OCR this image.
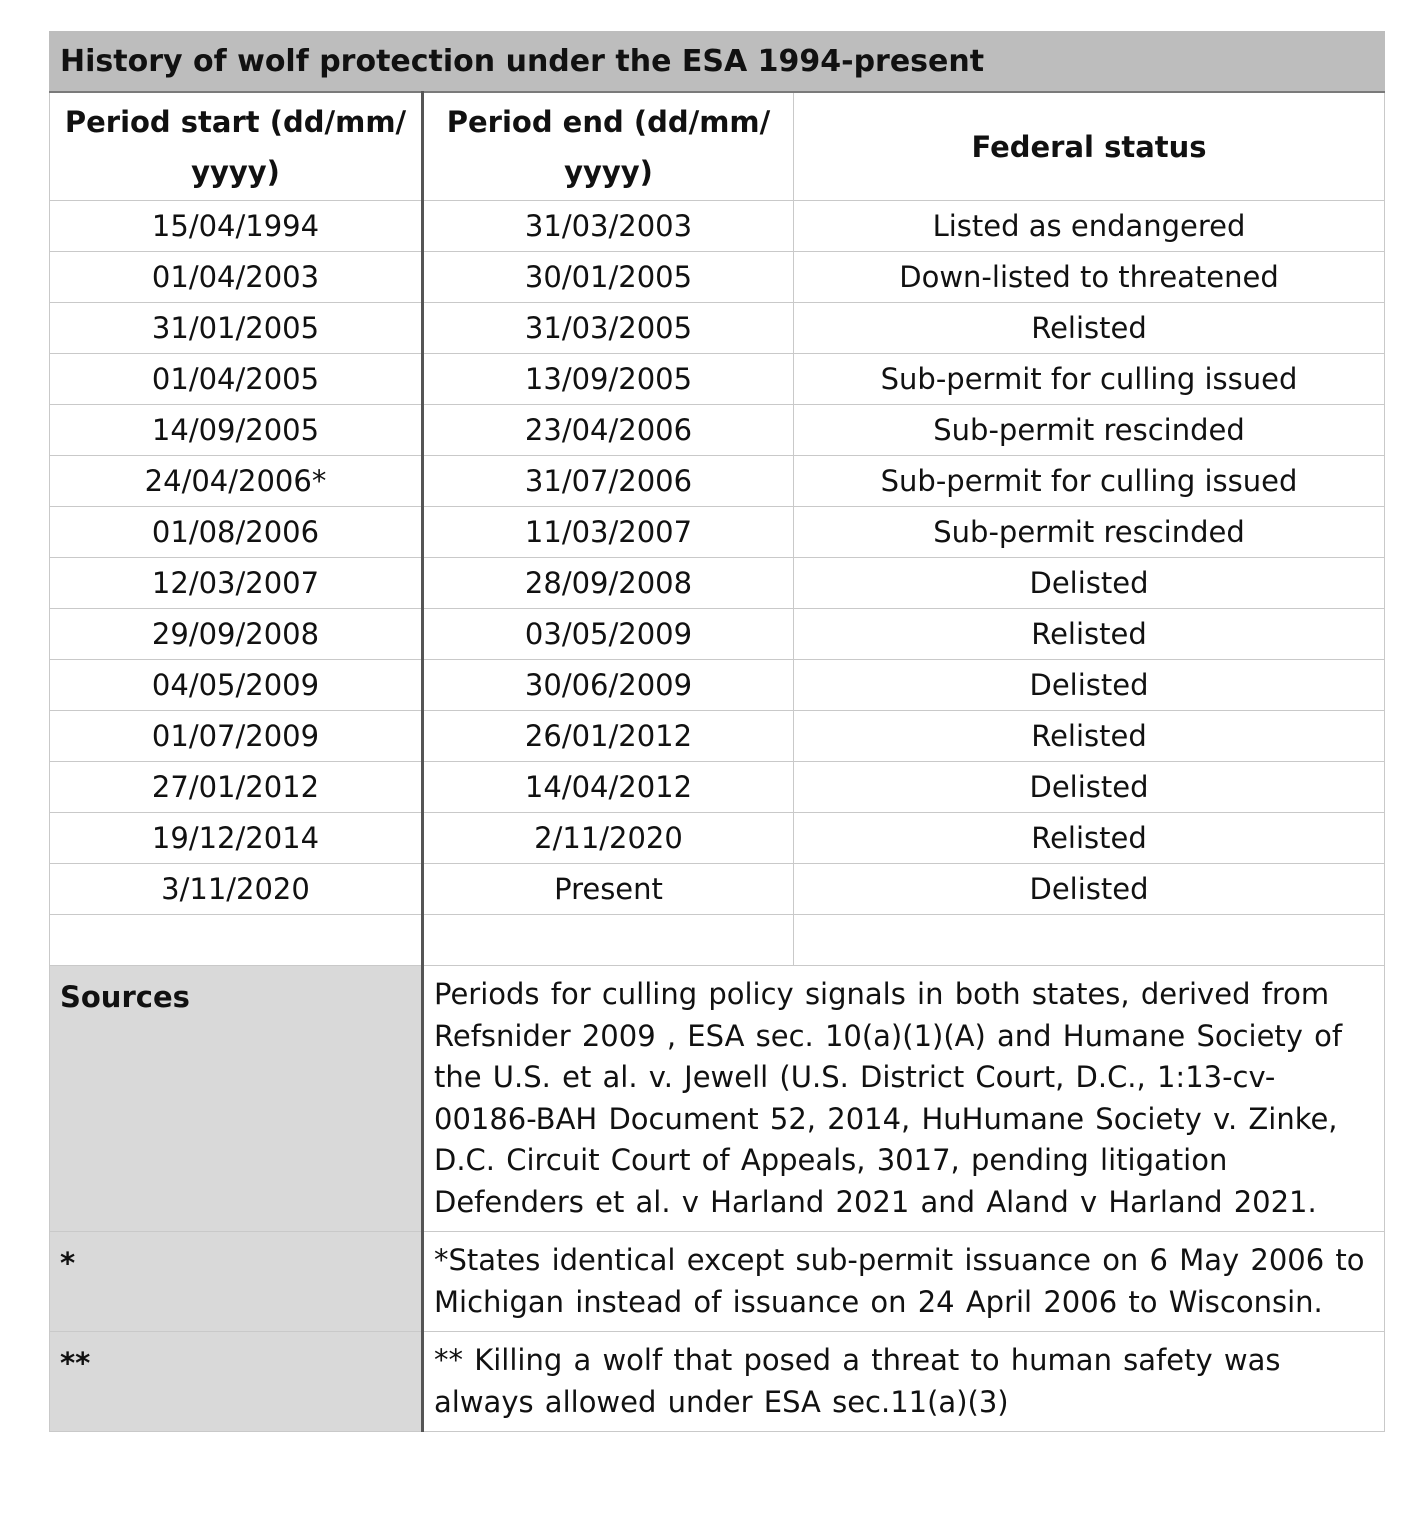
History of wolf protection under the ESA 1994-present		
Period start (dd/mm/ yyyy)	Period end (dd/mm/ yyyy)	Federal status
15/04/1994	31/03/2003	Listed as endangered
01/04/2003	30/01/2005	Down-listed to threatened
31/01/2005	31/03/2005	Relisted
01/04/2005	13/09/2005	Sub-permit for culling issued
14/09/2005	23/04/2006	Sub-permit rescinded
24/04/2006*	31/07/2006	Sub-permit for culling issued
01/08/2006	11/03/2007	Sub-permit rescinded
12/03/2007	28/09/2008	Delisted
29/09/2008	03/05/2009	Relisted
04/05/2009	30/06/2009	Delisted
01/07/2009	26/01/2012	Relisted
27/01/2012	14/04/2012	Delisted
19/12/2014	2/11/2020	Relisted
3/11/2020	Present	Delisted

Sources	Periods for culling policy signals in both states, derived from Refsnider 2009 , ESA sec. 10(a)(1)(A) and Humane Society of the U.S. et al. v. Jewell (U.S. District Court, D.C., 1:13-cv-00186-BAH Document 52, 2014, HuHumane Society v. Zinke, D.C. Circuit Court of Appeals, 3017, pending litigation Defenders et al. v Harland 2021 and Aland v Harland 2021.	
*	*States identical except sub-permit issuance on 6 May 2006 to Michigan instead of issuance on 24 April 2006 to Wisconsin.	
**	** Killing a wolf that posed a threat to human safety was always allowed under ESA sec.11(a)(3)	
